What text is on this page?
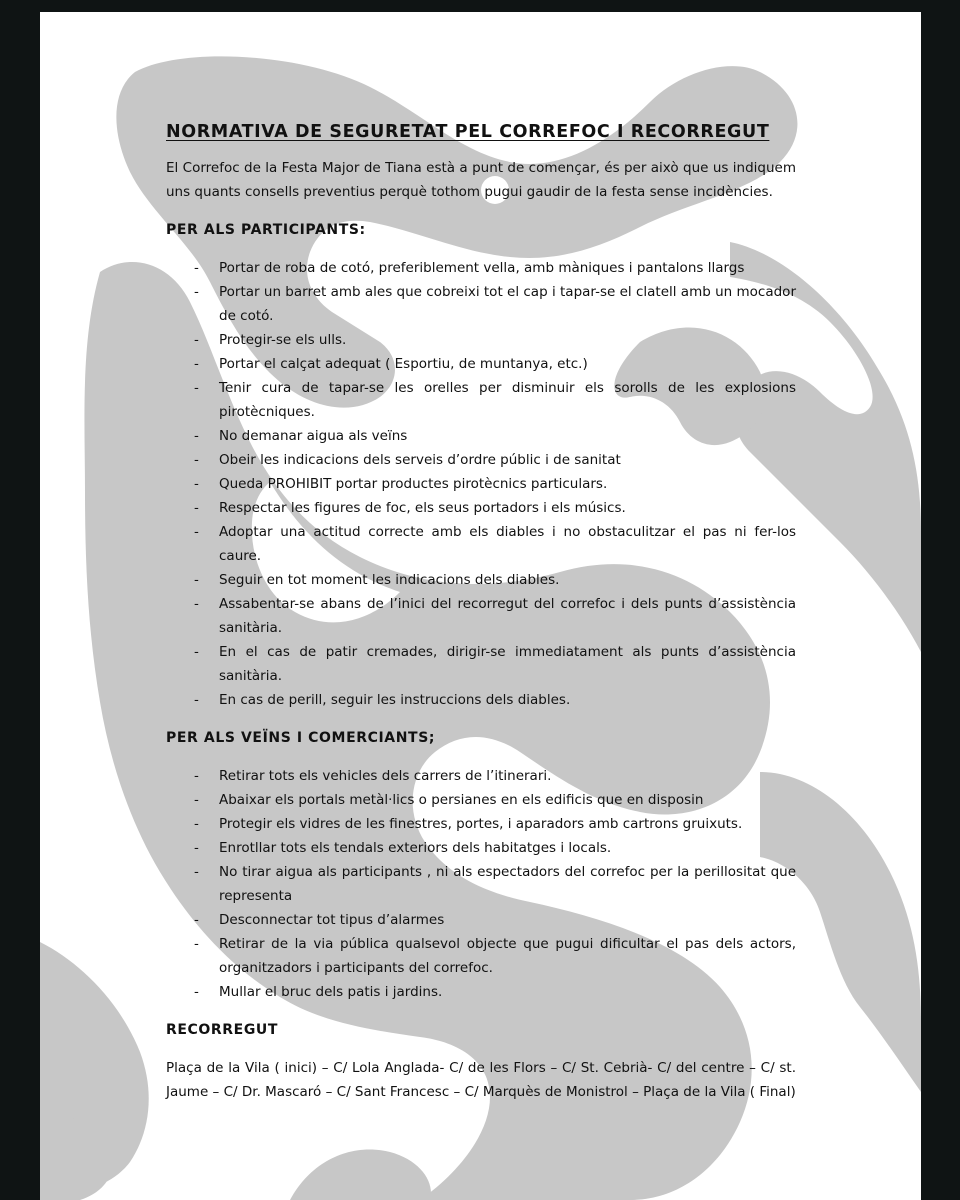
NORMATIVA DE SEGURETAT PEL CORREFOC I RECORREGUT

El Correfoc de la Festa Major de Tiana està a punt de començar, és per això que us indiquem uns quants consells preventius perquè tothom pugui gaudir de la festa sense incidències.

PER ALS PARTICIPANTS:
- Portar de roba de cotó, preferiblement vella, amb màniques i pantalons llargs
- Portar un barret amb ales que cobreixi tot el cap i tapar-se el clatell amb un mocador de cotó.
- Protegir-se els ulls.
- Portar el calçat adequat ( Esportiu, de muntanya, etc.)
- Tenir cura de tapar-se les orelles per disminuir els sorolls de les explosions pirotècniques.
- No demanar aigua als veïns
- Obeir les indicacions dels serveis d’ordre públic i de sanitat
- Queda PROHIBIT portar productes pirotècnics particulars.
- Respectar les figures de foc, els seus portadors i els músics.
- Adoptar una actitud correcte amb els diables i no obstaculitzar el pas ni fer-los caure.
- Seguir en tot moment les indicacions dels diables.
- Assabentar-se abans de l’inici del recorregut del correfoc i dels punts d’assistència sanitària.
- En el cas de patir cremades, dirigir-se immediatament als punts d’assistència sanitària.
- En cas de perill, seguir les instruccions dels diables.
PER ALS VEÏNS I COMERCIANTS;
- Retirar tots els vehicles dels carrers de l’itinerari.
- Abaixar els portals metàl·lics o persianes en els edificis que en disposin
- Protegir els vidres de les finestres, portes, i aparadors amb cartrons gruixuts.
- Enrotllar tots els tendals exteriors dels habitatges i locals.
- No tirar aigua als participants , ni als espectadors del correfoc per la perillositat que representa
- Desconnectar tot tipus d’alarmes
- Retirar de la via pública qualsevol objecte que pugui dificultar el pas dels actors, organitzadors i participants del correfoc.
- Mullar el bruc dels patis i jardins.
RECORREGUT

Plaça de la Vila ( inici) – C/ Lola Anglada- C/ de les Flors – C/ St. Cebrià- C/ del centre – C/ st. Jaume – C/ Dr. Mascaró – C/ Sant Francesc – C/ Marquès de Monistrol – Plaça de la Vila ( Final)
